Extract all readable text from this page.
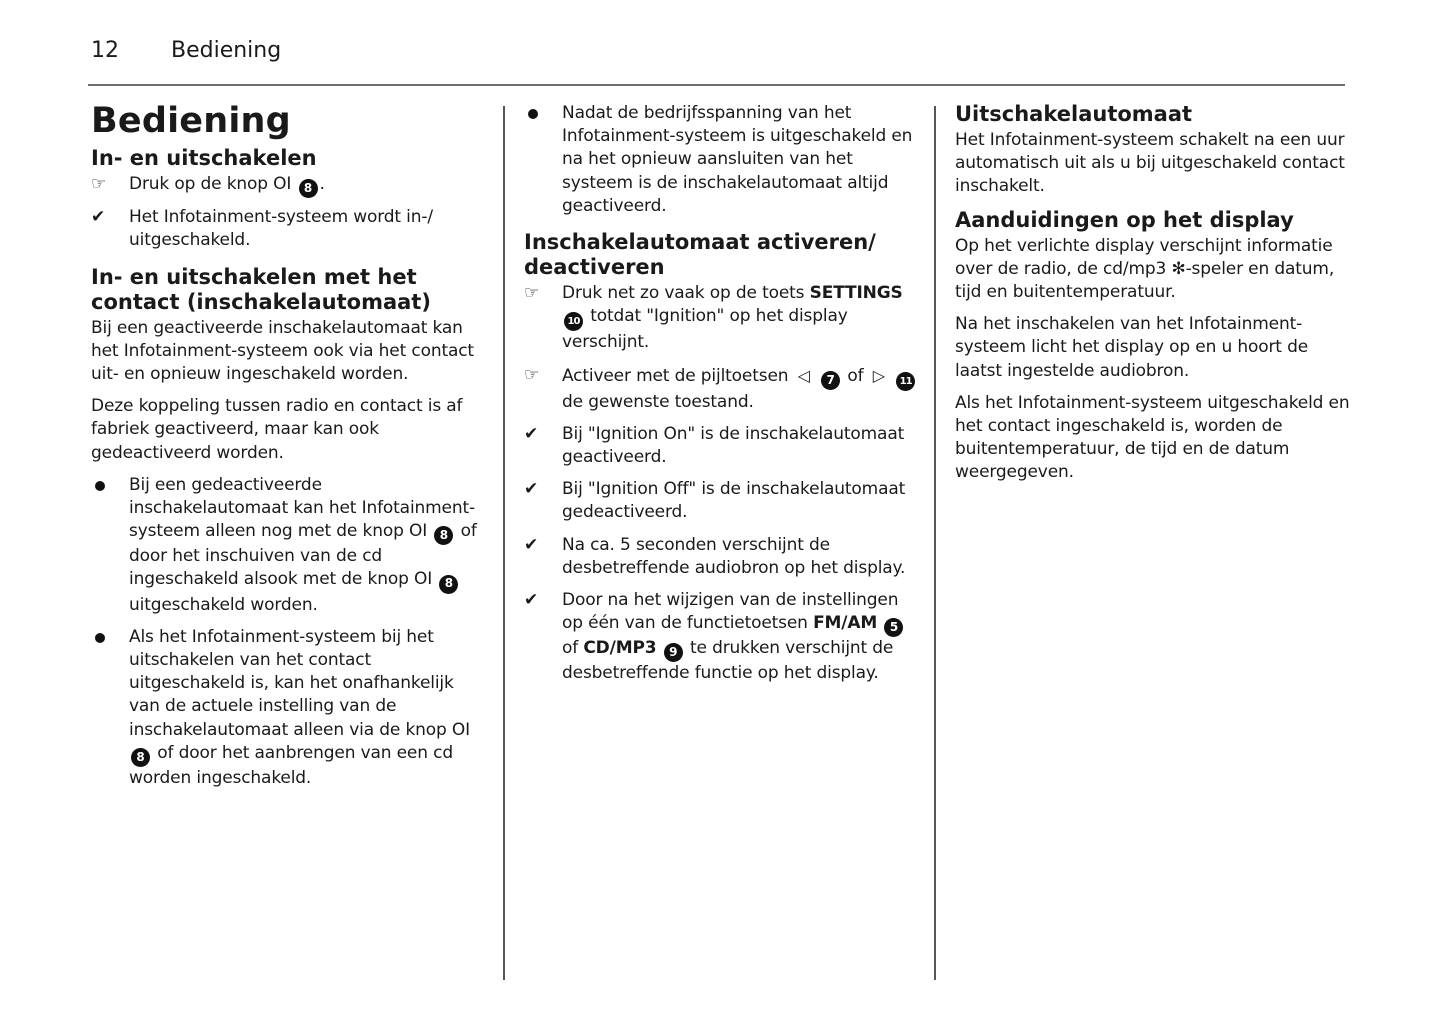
12 Bediening
Bediening
In- en uitschakelen
☞	Druk op de knop OI 8 .
✔	Het Infotainment-systeem wordt in-/ uitgeschakeld.
In- en uitschakelen met het contact (inschakelautomaat)

Bij een geactiveerde inschakelautomaat kan het Infotainment-systeem ook via het contact uit- en opnieuw ingeschakeld worden.

Deze koppeling tussen radio en contact is af fabriek geactiveerd, maar kan ook gedeactiveerd worden.

Bij een gedeactiveerde inschakelautomaat kan het Infotainment-systeem alleen nog met de knop OI 8 of door het inschuiven van de cd ingeschakeld alsook met de knop OI 8 uitgeschakeld worden.
Als het Infotainment-systeem bij het uitschakelen van het contact uitgeschakeld is, kan het onafhankelijk van de actuele instelling van de inschakelautomaat alleen via de knop OI 8 of door het aanbrengen van een cd worden ingeschakeld.
Nadat de bedrijfsspanning van het Infotainment-systeem is uitgeschakeld en na het opnieuw aansluiten van het systeem is de inschakelautomaat altijd geactiveerd.
Inschakelautomaat activeren/ deactiveren
☞	Druk net zo vaak op de toets SETTINGS 10 totdat "Ignition" op het display verschijnt.
☞	Activeer met de pijltoetsen ◁ 7 of ▷ 11 de gewenste toestand.
✔	Bij "Ignition On" is de inschakelautomaat geactiveerd.
✔	Bij "Ignition Off" is de inschakelautomaat gedeactiveerd.
✔	Na ca. 5 seconden verschijnt de desbetreffende audiobron op het display.
✔	Door na het wijzigen van de instellingen op één van de functietoetsen FM/AM 5 of CD/MP3 9 te drukken verschijnt de desbetreffende functie op het display.
Uitschakelautomaat

Het Infotainment-systeem schakelt na een uur automatisch uit als u bij uitgeschakeld contact inschakelt.

Aanduidingen op het display

Op het verlichte display verschijnt informatie over de radio, de cd/mp3 ✻-speler en datum, tijd en buitentemperatuur.

Na het inschakelen van het Infotainment-systeem licht het display op en u hoort de laatst ingestelde audiobron.

Als het Infotainment-systeem uitgeschakeld en het contact ingeschakeld is, worden de buitentemperatuur, de tijd en de datum weergegeven.
